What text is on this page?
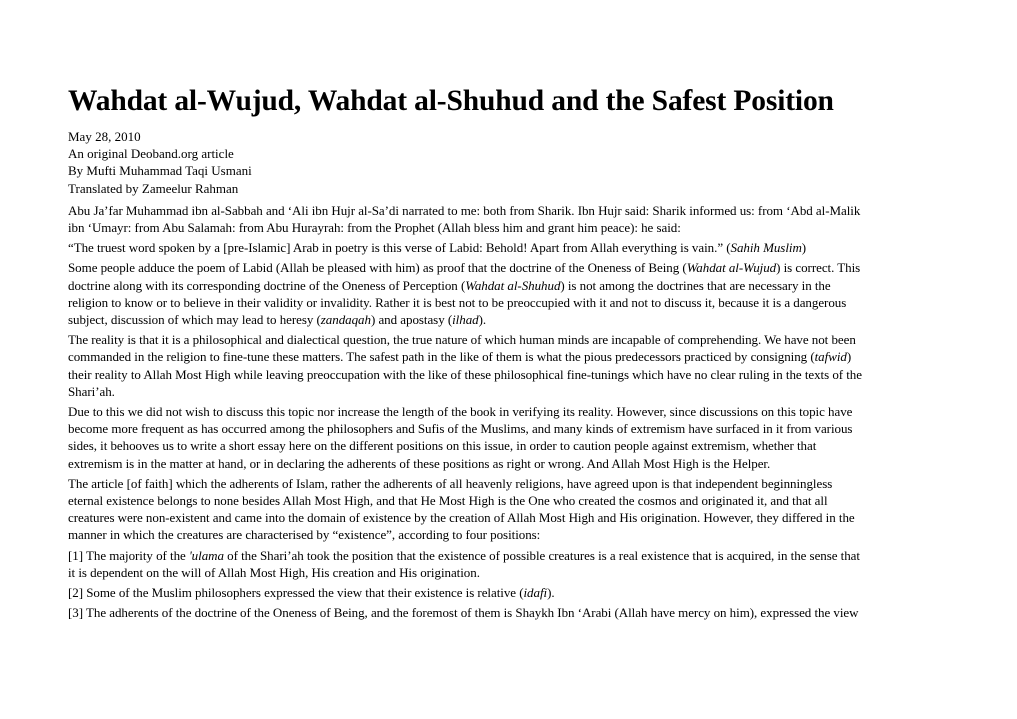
Wahdat al-Wujud, Wahdat al-Shuhud and the Safest Position
May 28, 2010
An original Deoband.org article
By Mufti Muhammad Taqi Usmani
Translated by Zameelur Rahman

Abu Ja’far Muhammad ibn al-Sabbah and ‘Ali ibn Hujr al-Sa’di narrated to me: both from Sharik. Ibn Hujr said: Sharik informed us: from ‘Abd al-Malik
ibn ‘Umayr: from Abu Salamah: from Abu Hurayrah: from the Prophet (Allah bless him and grant him peace): he said:

“The truest word spoken by a [pre-Islamic] Arab in poetry is this verse of Labid: Behold! Apart from Allah everything is vain.” (Sahih Muslim)

Some people adduce the poem of Labid (Allah be pleased with him) as proof that the doctrine of the Oneness of Being (Wahdat al-Wujud) is correct. This
doctrine along with its corresponding doctrine of the Oneness of Perception (Wahdat al-Shuhud) is not among the doctrines that are necessary in the
religion to know or to believe in their validity or invalidity. Rather it is best not to be preoccupied with it and not to discuss it, because it is a dangerous
subject, discussion of which may lead to heresy (zandaqah) and apostasy (ilhad).

The reality is that it is a philosophical and dialectical question, the true nature of which human minds are incapable of comprehending. We have not been
commanded in the religion to fine-tune these matters. The safest path in the like of them is what the pious predecessors practiced by consigning (tafwid)
their reality to Allah Most High while leaving preoccupation with the like of these philosophical fine-tunings which have no clear ruling in the texts of the
Shari’ah.

Due to this we did not wish to discuss this topic nor increase the length of the book in verifying its reality. However, since discussions on this topic have
become more frequent as has occurred among the philosophers and Sufis of the Muslims, and many kinds of extremism have surfaced in it from various
sides, it behooves us to write a short essay here on the different positions on this issue, in order to caution people against extremism, whether that
extremism is in the matter at hand, or in declaring the adherents of these positions as right or wrong. And Allah Most High is the Helper.

The article [of faith] which the adherents of Islam, rather the adherents of all heavenly religions, have agreed upon is that independent beginningless
eternal existence belongs to none besides Allah Most High, and that He Most High is the One who created the cosmos and originated it, and that all
creatures were non-existent and came into the domain of existence by the creation of Allah Most High and His origination. However, they differed in the
manner in which the creatures are characterised by “existence”, according to four positions:

[1] The majority of the 'ulama of the Shari’ah took the position that the existence of possible creatures is a real existence that is acquired, in the sense that
it is dependent on the will of Allah Most High, His creation and His origination.

[2] Some of the Muslim philosophers expressed the view that their existence is relative (idafi).

[3] The adherents of the doctrine of the Oneness of Being, and the foremost of them is Shaykh Ibn ‘Arabi (Allah have mercy on him), expressed the view
